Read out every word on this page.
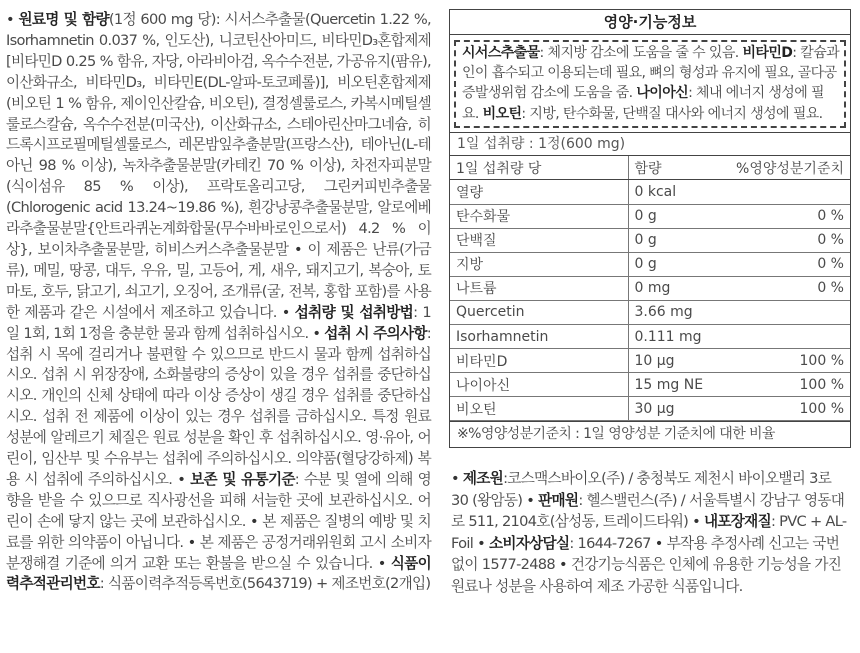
• 원료명 및 함량(1정 600 mg 당): 시서스추출물(Quercetin 1.22 %, Isorhamnetin 0.037 %, 인도산), 니코틴산아미드, 비타민D₃혼합제제[비타민D 0.25 % 함유, 자당, 아라비아검, 옥수수전분, 가공유지(팜유), 이산화규소, 비타민D₃, 비타민E(DL-알파-토코페롤)], 비오틴혼합제제(비오틴 1 % 함유, 제이인산칼슘, 비오틴), 결정셀룰로스, 카복시메틸셀룰로스칼슘, 옥수수전분(미국산), 이산화규소, 스테아린산마그네슘, 히드록시프로필메틸셀룰로스, 레몬밤잎추출분말(프랑스산), 테아닌(L-테아닌 98 % 이상), 녹차추출물분말(카테킨 70 % 이상), 차전자피분말(식이섬유 85 % 이상), 프락토올리고당, 그린커피빈추출물(Chlorogenic acid 13.24~19.86 %), 흰강낭콩추출물분말, 알로에베라추출물분말{안트라퀴논계화합물(무수바바로인으로서) 4.2 % 이상}, 보이차추출물분말, 히비스커스추출물분말 • 이 제품은 난류(가금류), 메밀, 땅콩, 대두, 우유, 밀, 고등어, 게, 새우, 돼지고기, 복숭아, 토마토, 호두, 닭고기, 쇠고기, 오징어, 조개류(굴, 전복, 홍합 포함)를 사용한 제품과 같은 시설에서 제조하고 있습니다. • 섭취량 및 섭취방법: 1일 1회, 1회 1정을 충분한 물과 함께 섭취하십시오. • 섭취 시 주의사항: 섭취 시 목에 걸리거나 불편할 수 있으므로 반드시 물과 함께 섭취하십시오. 섭취 시 위장장애, 소화불량의 증상이 있을 경우 섭취를 중단하십시오. 개인의 신체 상태에 따라 이상 증상이 생길 경우 섭취를 중단하십시오. 섭취 전 제품에 이상이 있는 경우 섭취를 금하십시오. 특정 원료 성분에 알레르기 체질은 원료 성분을 확인 후 섭취하십시오. 영·유아, 어린이, 임산부 및 수유부는 섭취에 주의하십시오. 의약품(혈당강하제) 복용 시 섭취에 주의하십시오. • 보존 및 유통기준: 수분 및 열에 의해 영향을 받을 수 있으므로 직사광선을 피해 서늘한 곳에 보관하십시오. 어린이 손에 닿지 않는 곳에 보관하십시오. • 본 제품은 질병의 예방 및 치료를 위한 의약품이 아닙니다. • 본 제품은 공정거래위원회 고시 소비자분쟁해결 기준에 의거 교환 또는 환불을 받으실 수 있습니다. • 식품이력추적관리번호: 식품이력추적등록번호(5643719) + 제조번호(2개입)
영양·기능정보
시서스추출물: 체지방 감소에 도움을 줄 수 있음. 비타민D: 칼슘과 인이 흡수되고 이용되는데 필요, 뼈의 형성과 유지에 필요, 골다공증발생위험 감소에 도움을 줌. 나이아신: 체내 에너지 생성에 필요. 비오틴: 지방, 탄수화물, 단백질 대사와 에너지 생성에 필요.
1일 섭취량 : 1정(600 mg)
1일 섭취량 당	함량	%영양성분기준치
열량	0 kcal	
탄수화물	0 g	0 %
단백질	0 g	0 %
지방	0 g	0 %
나트륨	0 mg	0 %
Quercetin	3.66 mg	
Isorhamnetin	0.111 mg	
비타민D	10 μg	100 %
나이아신	15 mg NE	100 %
비오틴	30 μg	100 %
※%영양성분기준치 : 1일 영양성분 기준치에 대한 비율
• 제조원:코스맥스바이오(주) / 충청북도 제천시 바이오밸리 3로 30 (왕암동) • 판매원: 헬스밸런스(주) / 서울특별시 강남구 영동대로 511, 2104호(삼성동, 트레이드타워) • 내포장재질: PVC + AL-Foil • 소비자상담실: 1644-7267 • 부작용 추정사례 신고는 국번없이 1577-2488 • 건강기능식품은 인체에 유용한 기능성을 가진 원료나 성분을 사용하여 제조 가공한 식품입니다.
